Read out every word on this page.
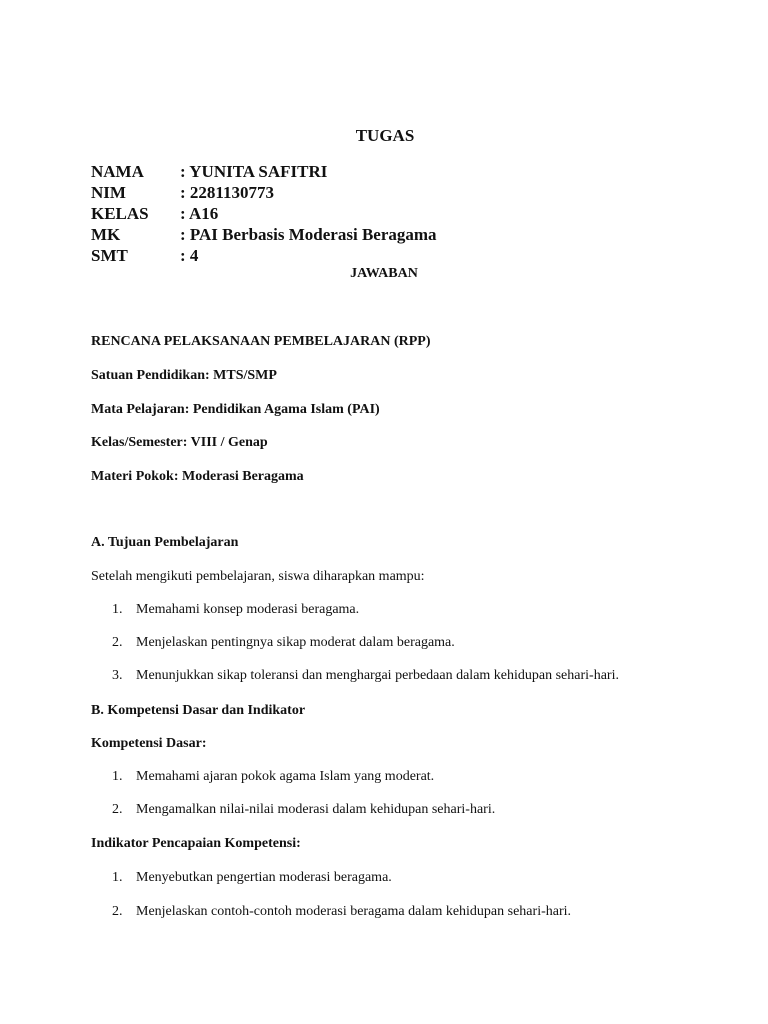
TUGAS
NAMA : YUNITA SAFITRI
NIM	: 2281130773
KELAS : A16
MK	: PAI Berbasis Moderasi Beragama
SMT	: 4
JAWABAN
RENCANA PELAKSANAAN PEMBELAJARAN (RPP)
Satuan Pendidikan: MTS/SMP
Mata Pelajaran: Pendidikan Agama Islam (PAI)
Kelas/Semester: VIII / Genap
Materi Pokok: Moderasi Beragama
A. Tujuan Pembelajaran
Setelah mengikuti pembelajaran, siswa diharapkan mampu:
1. Memahami konsep moderasi beragama.
2. Menjelaskan pentingnya sikap moderat dalam beragama.
3. Menunjukkan sikap toleransi dan menghargai perbedaan dalam kehidupan sehari-hari.
B. Kompetensi Dasar dan Indikator
Kompetensi Dasar:
1. Memahami ajaran pokok agama Islam yang moderat.
2. Mengamalkan nilai-nilai moderasi dalam kehidupan sehari-hari.
Indikator Pencapaian Kompetensi:
1. Menyebutkan pengertian moderasi beragama.
2. Menjelaskan contoh-contoh moderasi beragama dalam kehidupan sehari-hari.
